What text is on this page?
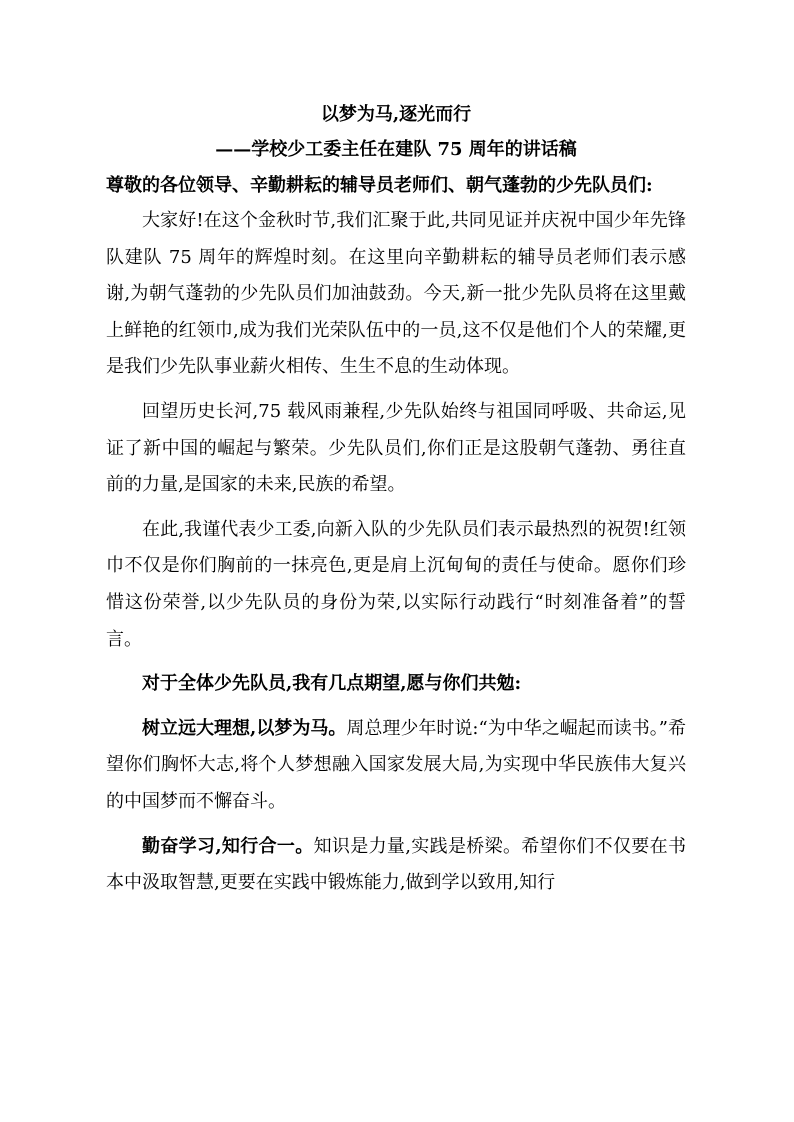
以梦为马,逐光而行
——学校少工委主任在建队 75 周年的讲话稿
尊敬的各位领导、辛勤耕耘的辅导员老师们、朝气蓬勃的少先队员们:

大家好!在这个金秋时节,我们汇聚于此,共同见证并庆祝中国少年先锋队建队 75 周年的辉煌时刻。在这里向辛勤耕耘的辅导员老师们表示感谢,为朝气蓬勃的少先队员们加油鼓劲。今天,新一批少先队员将在这里戴上鲜艳的红领巾,成为我们光荣队伍中的一员,这不仅是他们个人的荣耀,更是我们少先队事业薪火相传、生生不息的生动体现。

回望历史长河,75 载风雨兼程,少先队始终与祖国同呼吸、共命运,见证了新中国的崛起与繁荣。少先队员们,你们正是这股朝气蓬勃、勇往直前的力量,是国家的未来,民族的希望。

在此,我谨代表少工委,向新入队的少先队员们表示最热烈的祝贺!红领巾不仅是你们胸前的一抹亮色,更是肩上沉甸甸的责任与使命。愿你们珍惜这份荣誉,以少先队员的身份为荣,以实际行动践行“时刻准备着”的誓言。

对于全体少先队员,我有几点期望,愿与你们共勉:

树立远大理想,以梦为马。周总理少年时说:“为中华之崛起而读书。”希望你们胸怀大志,将个人梦想融入国家发展大局,为实现中华民族伟大复兴的中国梦而不懈奋斗。

勤奋学习,知行合一。知识是力量,实践是桥梁。希望你们不仅要在书本中汲取智慧,更要在实践中锻炼能力,做到学以致用,知行
